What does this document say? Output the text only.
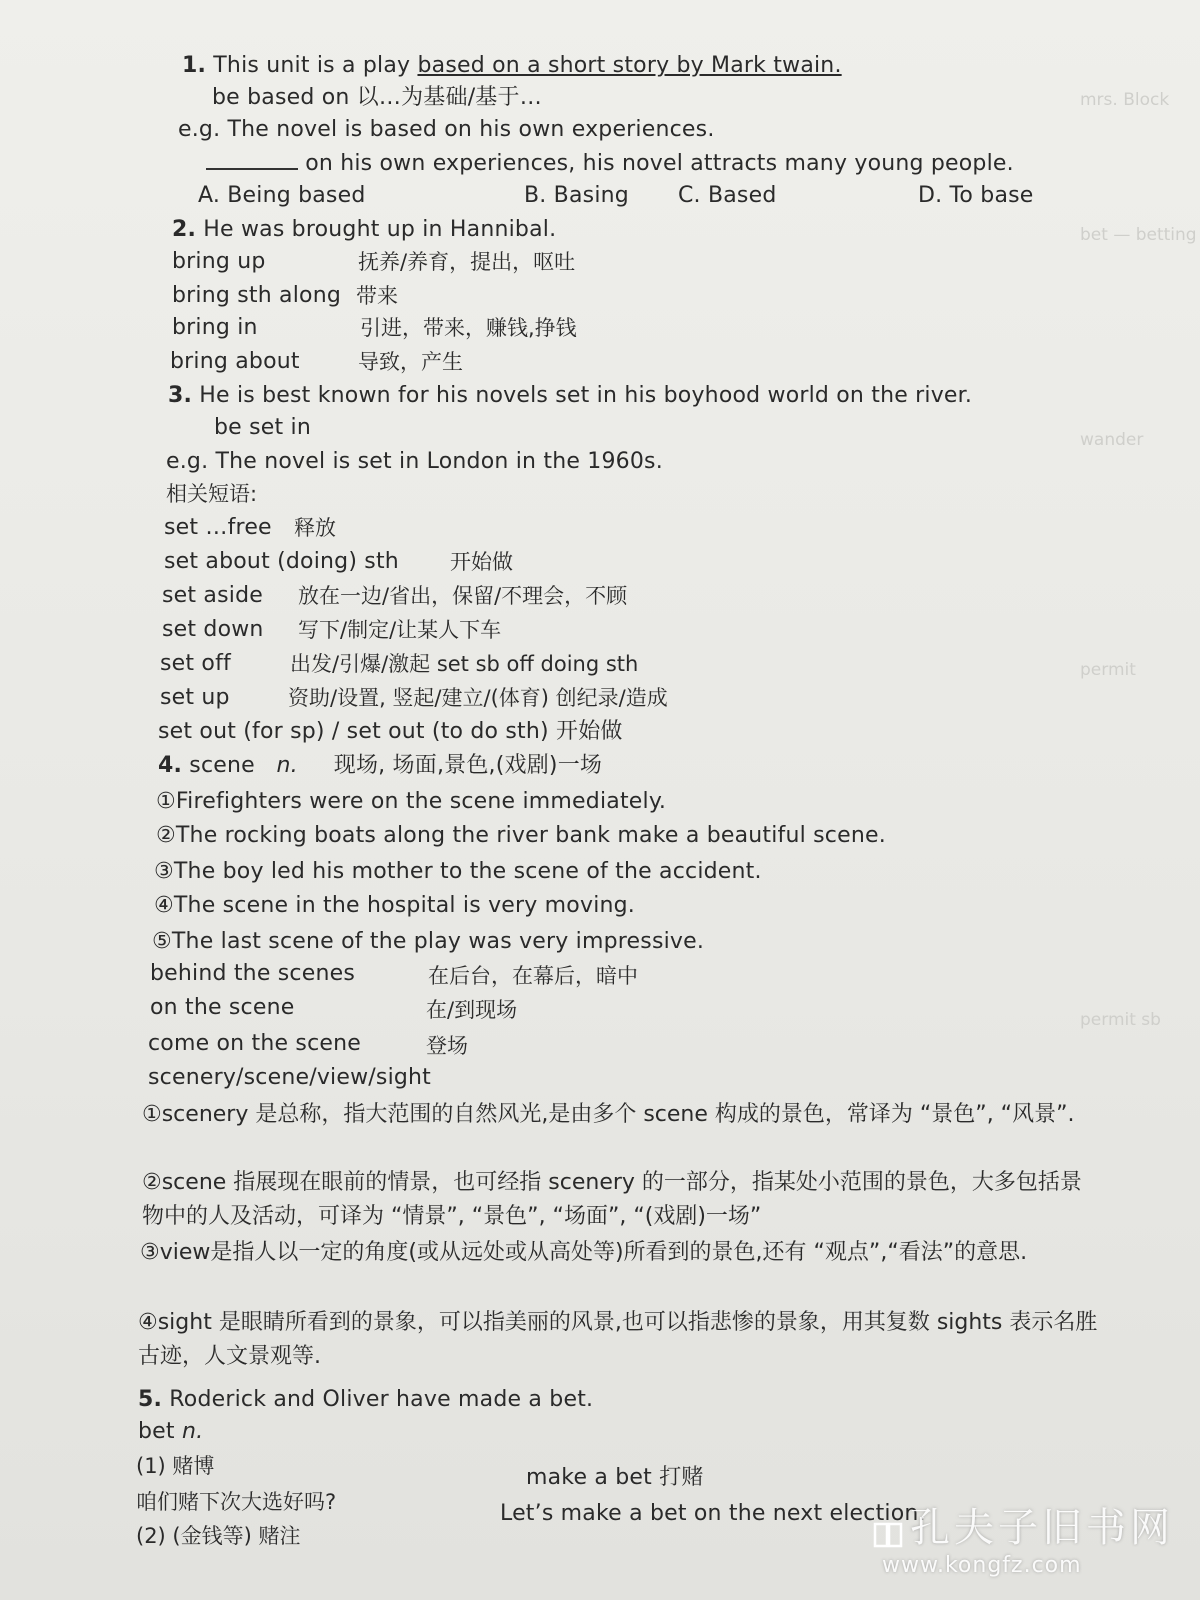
mrs. Block
bet — betting
wander
permit
permit sb
1. This unit is a play based on a short story by Mark twain.
be based on 以…为基础/基于…
e.g. The novel is based on his own experiences.
on his own experiences, his novel attracts many young people.
A. Being based	B. Basing C. Based	D. To base
2. He was brought up in Hannibal.
bring up	抚养/养育，提出，呕吐
bring sth along 带来
bring in	引进，带来，赚钱,挣钱
bring about	导致，产生
3. He is best known for his novels set in his boyhood world on the river.
be set in
e.g. The novel is set in London in the 1960s.
相关短语:
set …free 释放
set about (doing) sth 开始做
set aside 放在一边/省出，保留/不理会，不顾
set down 写下/制定/让某人下车
set off	出发/引爆/激起 set sb off doing sth
set up	资助/设置, 竖起/建立/(体育) 创纪录/造成
set out (for sp) / set out (to do sth) 开始做
4. scene n. 现场, 场面,景色,(戏剧)一场
①Firefighters were on the scene immediately.
②The rocking boats along the river bank make a beautiful scene.
③The boy led his mother to the scene of the accident.
④The scene in the hospital is very moving.
⑤The last scene of the play was very impressive.
behind the scenes	在后台，在幕后，暗中
on the scene	在/到现场
come on the scene	登场
scenery/scene/view/sight
①scenery 是总称，指大范围的自然风光,是由多个 scene 构成的景色，常译为 “景色”, “风景”.
②scene 指展现在眼前的情景，也可经指 scenery 的一部分，指某处小范围的景色，大多包括景物中的人及活动，可译为 “情景”, “景色”, “场面”, “(戏剧)一场”
③view是指人以一定的角度(或从远处或从高处等)所看到的景色,还有 “观点”,“看法”的意思.
④sight 是眼睛所看到的景象，可以指美丽的风景,也可以指悲惨的景象，用其复数 sights 表示名胜古迹，人文景观等.
5. Roderick and Oliver have made a bet.
bet n.
(1) 赌博	make a bet 打赌
咱们赌下次大选好吗?	Let’s make a bet on the next election.
(2) (金钱等) 赌注	孔夫子旧书网
www.kongfz.com
